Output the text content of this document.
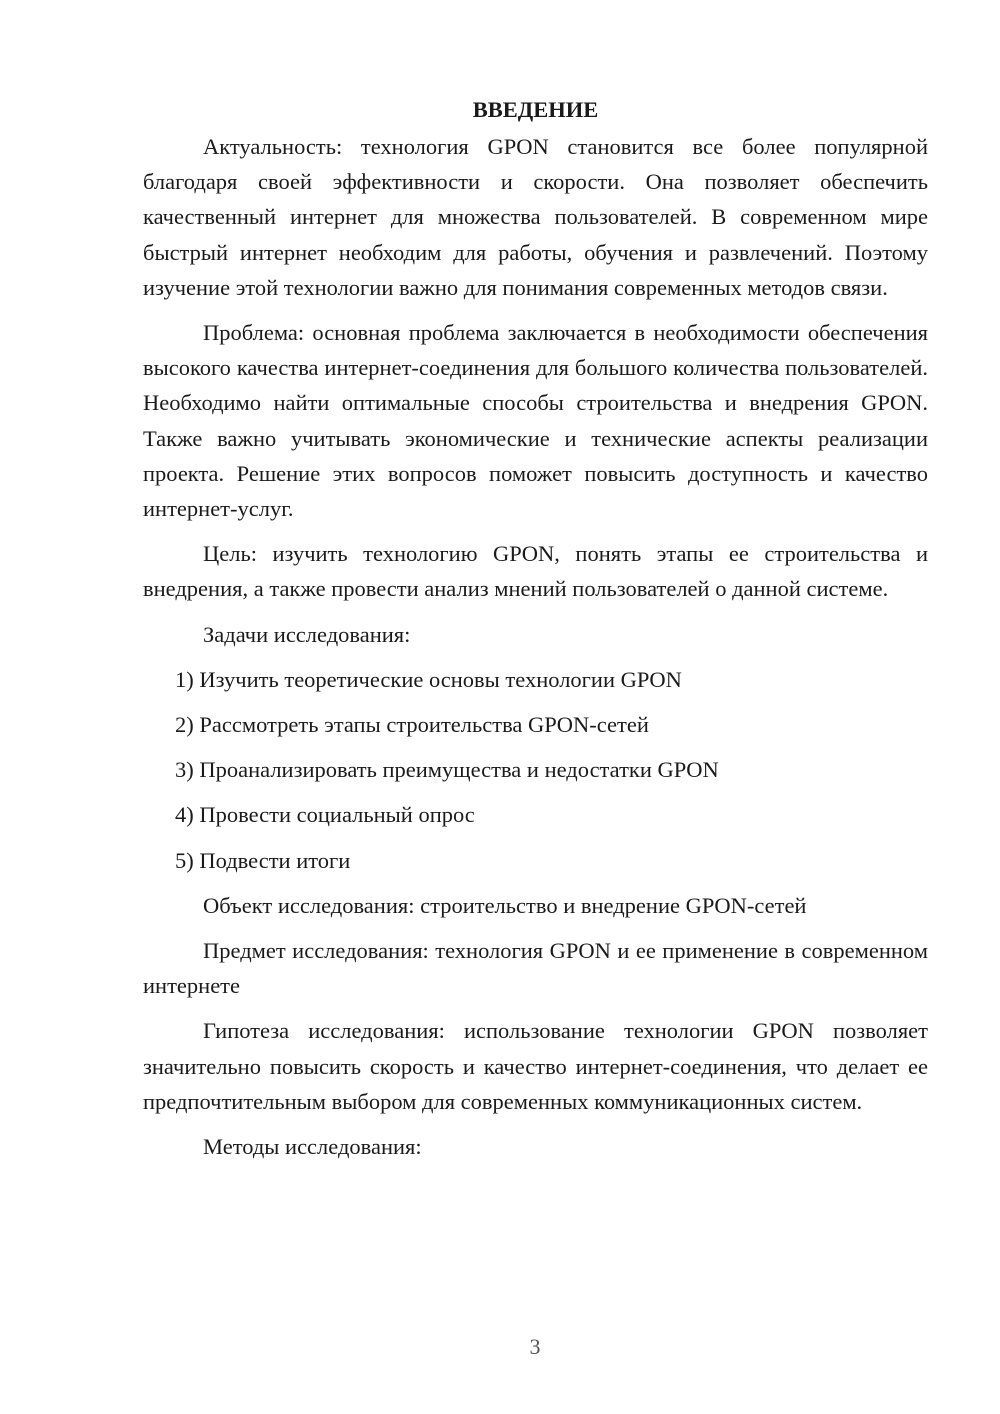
ВВЕДЕНИЕ

Актуальность: технология GPON становится все более популярной благодаря своей эффективности и скорости. Она позволяет обеспечить качественный интернет для множества пользователей. В современном мире быстрый интернет необходим для работы, обучения и развлечений. Поэтому изучение этой технологии важно для понимания современных методов связи.

Проблема: основная проблема заключается в необходимости обеспечения высокого качества интернет-соединения для большого количества пользователей. Необходимо найти оптимальные способы строительства и внедрения GPON. Также важно учитывать экономические и технические аспекты реализации проекта. Решение этих вопросов поможет повысить доступность и качество интернет-услуг.

Цель: изучить технологию GPON, понять этапы ее строительства и внедрения, а также провести анализ мнений пользователей о данной системе.

Задачи исследования:

1) Изучить теоретические основы технологии GPON
2) Рассмотреть этапы строительства GPON-сетей
3) Проанализировать преимущества и недостатки GPON
4) Провести социальный опрос
5) Подвести итоги

Объект исследования: строительство и внедрение GPON-сетей

Предмет исследования: технология GPON и ее применение в современном интернете

Гипотеза исследования: использование технологии GPON позволяет значительно повысить скорость и качество интернет-соединения, что делает ее предпочтительным выбором для современных коммуникационных систем.

Методы исследования:

3
